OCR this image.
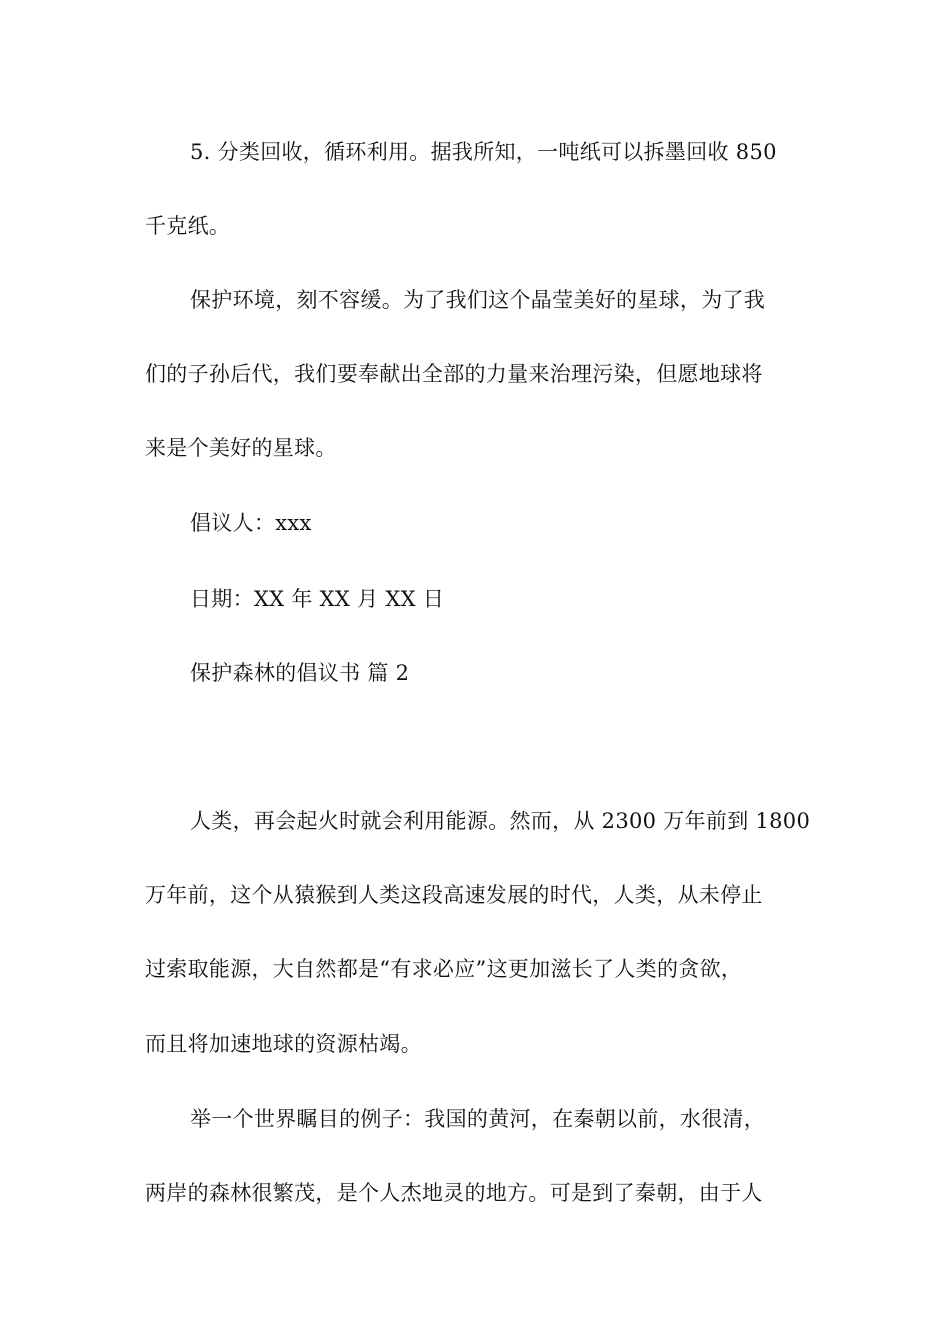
5. 分类回收，循环利用。据我所知，一吨纸可以拆墨回收 850
千克纸。
保护环境，刻不容缓。为了我们这个晶莹美好的星球，为了我
们的子孙后代，我们要奉献出全部的力量来治理污染，但愿地球将
来是个美好的星球。
倡议人：xxx
日期：XX 年 XX 月 XX 日
保护森林的倡议书 篇 2
人类，再会起火时就会利用能源。然而，从 2300 万年前到 1800
万年前，这个从猿猴到人类这段高速发展的时代，人类，从未停止
过索取能源，大自然都是“有求必应”这更加滋长了人类的贪欲，
而且将加速地球的资源枯竭。
举一个世界瞩目的例子：我国的黄河，在秦朝以前，水很清，
两岸的森林很繁茂，是个人杰地灵的地方。可是到了秦朝，由于人
